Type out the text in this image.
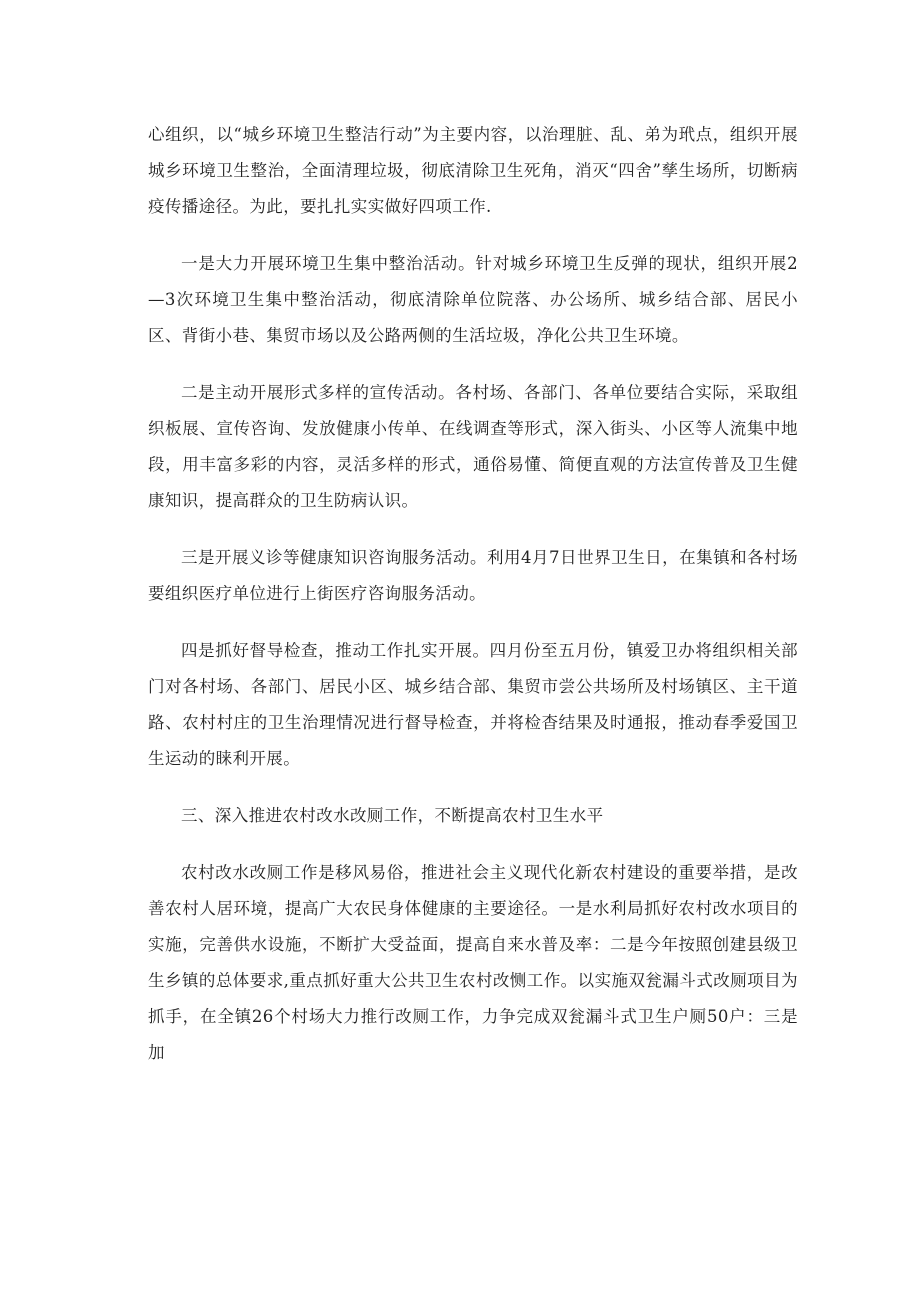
心组织，以“城乡环境卫生整洁行动”为主要内容，以治理脏、乱、弟为玳点，组织开展城乡环境卫生整治，全面清理垃圾，彻底清除卫生死角，消灭“四舍”孳生场所，切断病疫传播途径。为此，要扎扎实实做好四项工作.

一是大力开展环境卫生集中整治活动。针对城乡环境卫生反弹的现状，组织开展2—3次环境卫生集中整治活动，彻底清除单位院落、办公场所、城乡结合部、居民小区、背街小巷、集贸市场以及公路两侧的生活垃圾，净化公共卫生环境。

二是主动开展形式多样的宣传活动。各村场、各部门、各单位要结合实际，采取组织板展、宣传咨询、发放健康小传单、在线调查等形式，深入街头、小区等人流集中地段，用丰富多彩的内容，灵活多样的形式，通俗易懂、简便直观的方法宣传普及卫生健康知识，提高群众的卫生防病认识。

三是开展义诊等健康知识咨询服务活动。利用4月7日世界卫生日，在集镇和各村场要组织医疗单位进行上街医疗咨询服务活动。

四是抓好督导检查，推动工作扎实开展。四月份至五月份，镇爱卫办将组织相关部门对各村场、各部门、居民小区、城乡结合部、集贸市尝公共场所及村场镇区、主干道路、农村村庄的卫生治理情况进行督导检查，并将检杳结果及时通报，推动春季爱国卫生运动的睐利开展。

三、深入推进农村改水改厕工作，不断提高农村卫生水平

农村改水改厕工作是移风易俗，推进社会主义现代化新农村建设的重要举措，是改善农村人居环境，提高广大农民身体健康的主要途径。一是水利局抓好农村改水项目的实施，完善供水设施，不断扩大受益面，提高自来水普及率：二是今年按照创建县级卫生乡镇的总体要求,重点抓好重大公共卫生农村改恻工作。以实施双瓮漏斗式改厕项目为抓手，在全镇26个村场大力推行改厕工作，力争完成双瓮漏斗式卫生户厕50户：三是加
